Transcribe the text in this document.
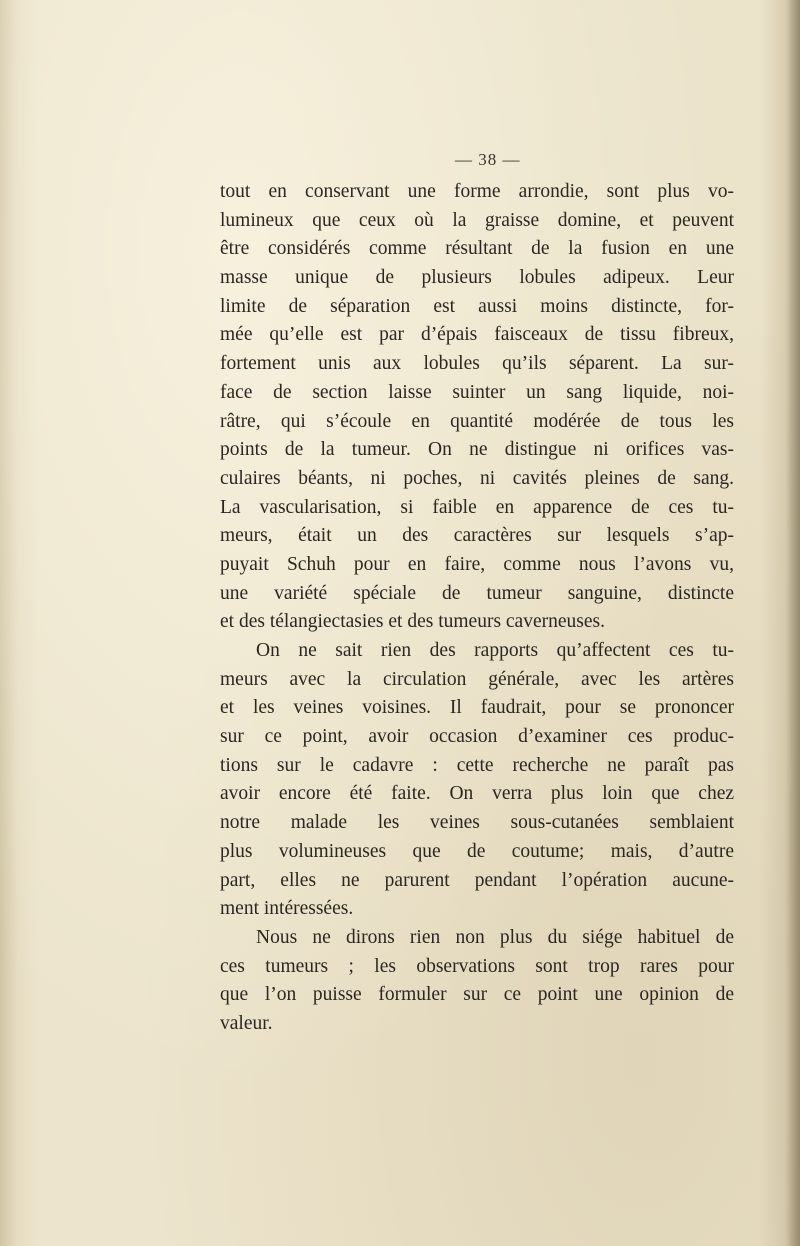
— 38 —
tout en conservant une forme arrondie, sont plus vo-
lumineux que ceux où la graisse domine, et peuvent
être considérés comme résultant de la fusion en une
masse unique de plusieurs lobules adipeux. Leur
limite de séparation est aussi moins distincte, for-
mée qu’elle est par d’épais faisceaux de tissu fibreux,
fortement unis aux lobules qu’ils séparent. La sur-
face de section laisse suinter un sang liquide, noi-
râtre, qui s’écoule en quantité modérée de tous les
points de la tumeur. On ne distingue ni orifices vas-
culaires béants, ni poches, ni cavités pleines de sang.
La vascularisation, si faible en apparence de ces tu-
meurs, était un des caractères sur lesquels s’ap-
puyait Schuh pour en faire, comme nous l’avons vu,
une variété spéciale de tumeur sanguine, distincte
et des télangiectasies et des tumeurs caverneuses.
On ne sait rien des rapports qu’affectent ces tu-
meurs avec la circulation générale, avec les artères
et les veines voisines. Il faudrait, pour se prononcer
sur ce point, avoir occasion d’examiner ces produc-
tions sur le cadavre : cette recherche ne paraît pas
avoir encore été faite. On verra plus loin que chez
notre malade les veines sous-cutanées semblaient
plus volumineuses que de coutume; mais, d’autre
part, elles ne parurent pendant l’opération aucune-
ment intéressées.
Nous ne dirons rien non plus du siége habituel de
ces tumeurs ; les observations sont trop rares pour
que l’on puisse formuler sur ce point une opinion de
valeur.
